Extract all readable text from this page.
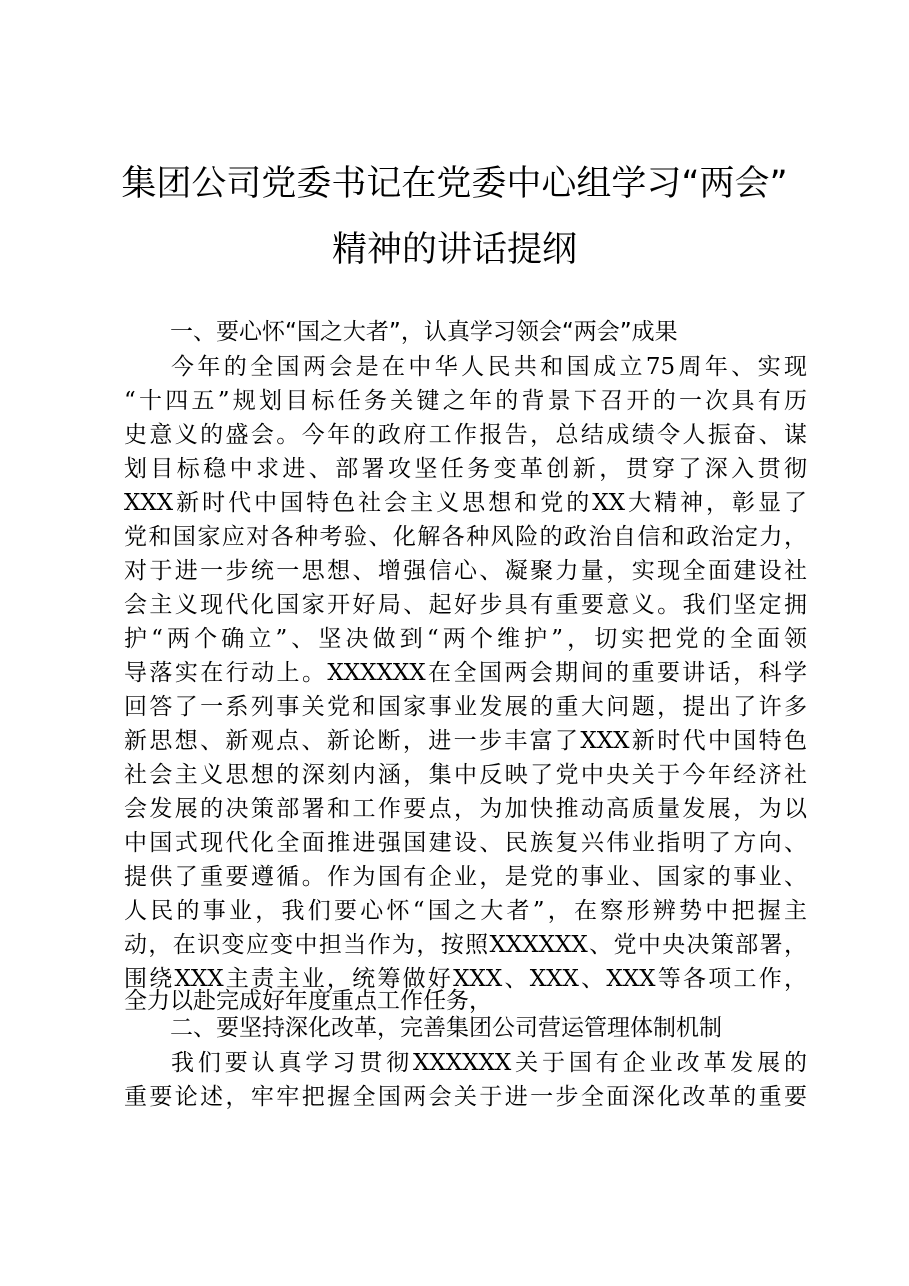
集团公司党委书记在党委中心组学习“两会”
精神的讲话提纲
一、要心怀“国之大者”，认真学习领会“两会”成果
今年的全国两会是在中华人民共和国成立75周年、实现
“十四五”规划目标任务关键之年的背景下召开的一次具有历
史意义的盛会。今年的政府工作报告，总结成绩令人振奋、谋
划目标稳中求进、部署攻坚任务变革创新，贯穿了深入贯彻
XXX新时代中国特色社会主义思想和党的XX大精神，彰显了
党和国家应对各种考验、化解各种风险的政治自信和政治定力，
对于进一步统一思想、增强信心、凝聚力量，实现全面建设社
会主义现代化国家开好局、起好步具有重要意义。我们坚定拥
护“两个确立”、坚决做到“两个维护”，切实把党的全面领
导落实在行动上。XXXXXX在全国两会期间的重要讲话，科学
回答了一系列事关党和国家事业发展的重大问题，提出了许多
新思想、新观点、新论断，进一步丰富了XXX新时代中国特色
社会主义思想的深刻内涵，集中反映了党中央关于今年经济社
会发展的决策部署和工作要点，为加快推动高质量发展，为以
中国式现代化全面推进强国建设、民族复兴伟业指明了方向、
提供了重要遵循。作为国有企业，是党的事业、国家的事业、
人民的事业，我们要心怀“国之大者”，在察形辨势中把握主
动，在识变应变中担当作为，按照XXXXXX、党中央决策部署，
围绕XXX主责主业，统筹做好XXX、XXX、XXX等各项工作，
全力以赴完成好年度重点工作任务，
二、要坚持深化改革，完善集团公司营运管理体制机制
我们要认真学习贯彻XXXXXX关于国有企业改革发展的
重要论述，牢牢把握全国两会关于进一步全面深化改革的重要
